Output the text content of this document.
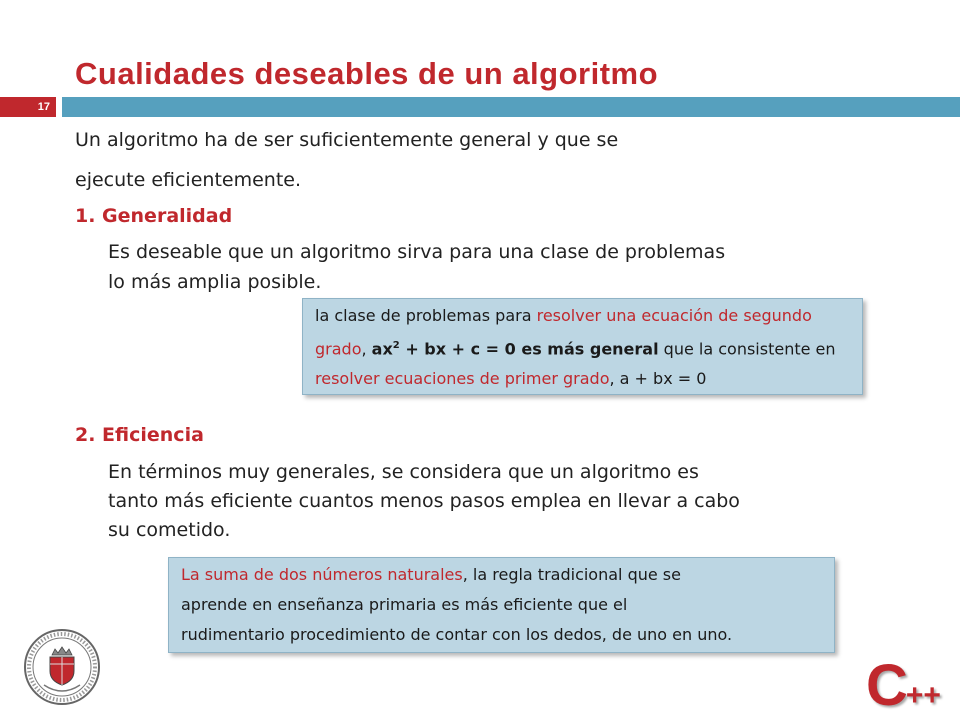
Cualidades deseables de un algoritmo
17
Un algoritmo ha de ser suficientemente general y que se
ejecute eficientemente.
1. Generalidad
Es deseable que un algoritmo sirva para una clase de problemas
lo más amplia posible.
la clase de problemas para resolver una ecuación de segundo
grado, $ax^2$ + bx + c = 0 es más general que la consistente en
resolver ecuaciones de primer grado, a + bx = 0
2. Eficiencia
En términos muy generales, se considera que un algoritmo es
tanto más eficiente cuantos menos pasos emplea en llevar a cabo
su cometido.
La suma de dos números naturales, la regla tradicional que se
aprende en enseñanza primaria es más eficiente que el
rudimentario procedimiento de contar con los dedos, de uno en uno.
C++
